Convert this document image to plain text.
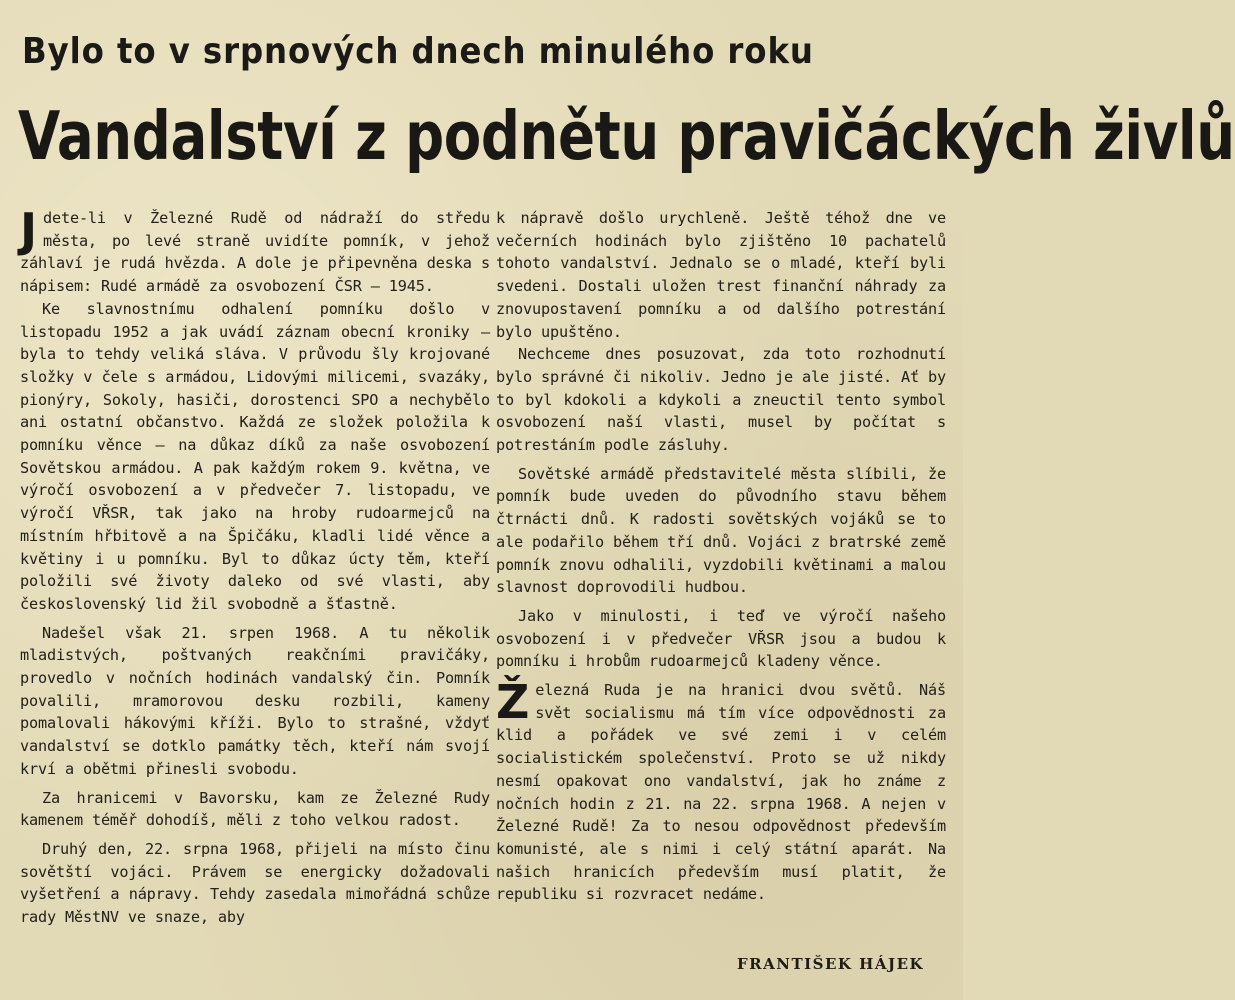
Bylo to v srpnových dnech minulého roku
Vandalství z podnětu pravičáckých živlů

Jdete-li v Železné Rudě od nádraží do středu města, po levé straně uvidíte pomník, v jehož záhlaví je rudá hvězda. A dole je připevněna deska s nápisem: Rudé armádě za osvobození ČSR — 1945.

Ke slavnostnímu odhalení pomníku došlo v listopadu 1952 a jak uvádí záznam obecní kroniky — byla to tehdy veliká sláva. V průvodu šly krojované složky v čele s armádou, Lidovými milicemi, svazáky, pionýry, Sokoly, hasiči, dorostenci SPO a nechybělo ani ostatní občanstvo. Každá ze složek položila k pomníku věnce — na důkaz díků za naše osvobození Sovětskou armádou. A pak každým rokem 9. května, ve výročí osvobození a v předvečer 7. listopadu, ve výročí VŘSR, tak jako na hroby rudoarmejců na místním hřbitově a na Špičáku, kladli lidé věnce a květiny i u pomníku. Byl to důkaz úcty těm, kteří položili své životy daleko od své vlasti, aby československý lid žil svobodně a šťastně.

Nadešel však 21. srpen 1968. A tu několik mladistvých, poštvaných reakčními pravičáky, provedlo v nočních hodinách vandalský čin. Pomník povalili, mramorovou desku rozbili, kameny pomalovali hákovými kříži. Bylo to strašné, vždyť vandalství se dotklo památky těch, kteří nám svojí krví a obětmi přinesli svobodu.

Za hranicemi v Bavorsku, kam ze Železné Rudy kamenem téměř dohodíš, měli z toho velkou radost.

Druhý den, 22. srpna 1968, přijeli na místo činu sovětští vojáci. Právem se energicky dožadovali vyšetření a nápravy. Tehdy zasedala mimořádná schůze rady MěstNV ve snaze, aby

k nápravě došlo urychleně. Ještě téhož dne ve večerních hodinách bylo zjištěno 10 pachatelů tohoto vandalství. Jednalo se o mladé, kteří byli svedeni. Dostali uložen trest finanční náhrady za znovupostavení pomníku a od dalšího potrestání bylo upuštěno.

Nechceme dnes posuzovat, zda toto rozhodnutí bylo správné či nikoliv. Jedno je ale jisté. Ať by to byl kdokoli a kdykoli a zneuctil tento symbol osvobození naší vlasti, musel by počítat s potrestáním podle zásluhy.

Sovětské armádě představitelé města slíbili, že pomník bude uveden do původního stavu během čtrnácti dnů. K radosti sovětských vojáků se to ale podařilo během tří dnů. Vojáci z bratrské země pomník znovu odhalili, vyzdobili květinami a malou slavnost doprovodili hudbou.

Jako v minulosti, i teď ve výročí našeho osvobození i v předvečer VŘSR jsou a budou k pomníku i hrobům rudoarmejců kladeny věnce.

Železná Ruda je na hranici dvou světů. Náš svět socialismu má tím více odpovědnosti za klid a pořádek ve své zemi i v celém socialistickém společenství. Proto se už nikdy nesmí opakovat ono vandalství, jak ho známe z nočních hodin z 21. na 22. srpna 1968. A nejen v Železné Rudě! Za to nesou odpovědnost především komunisté, ale s nimi i celý státní aparát. Na našich hranicích především musí platit, že republiku si rozvracet nedáme.

FRANTIŠEK HÁJEK
